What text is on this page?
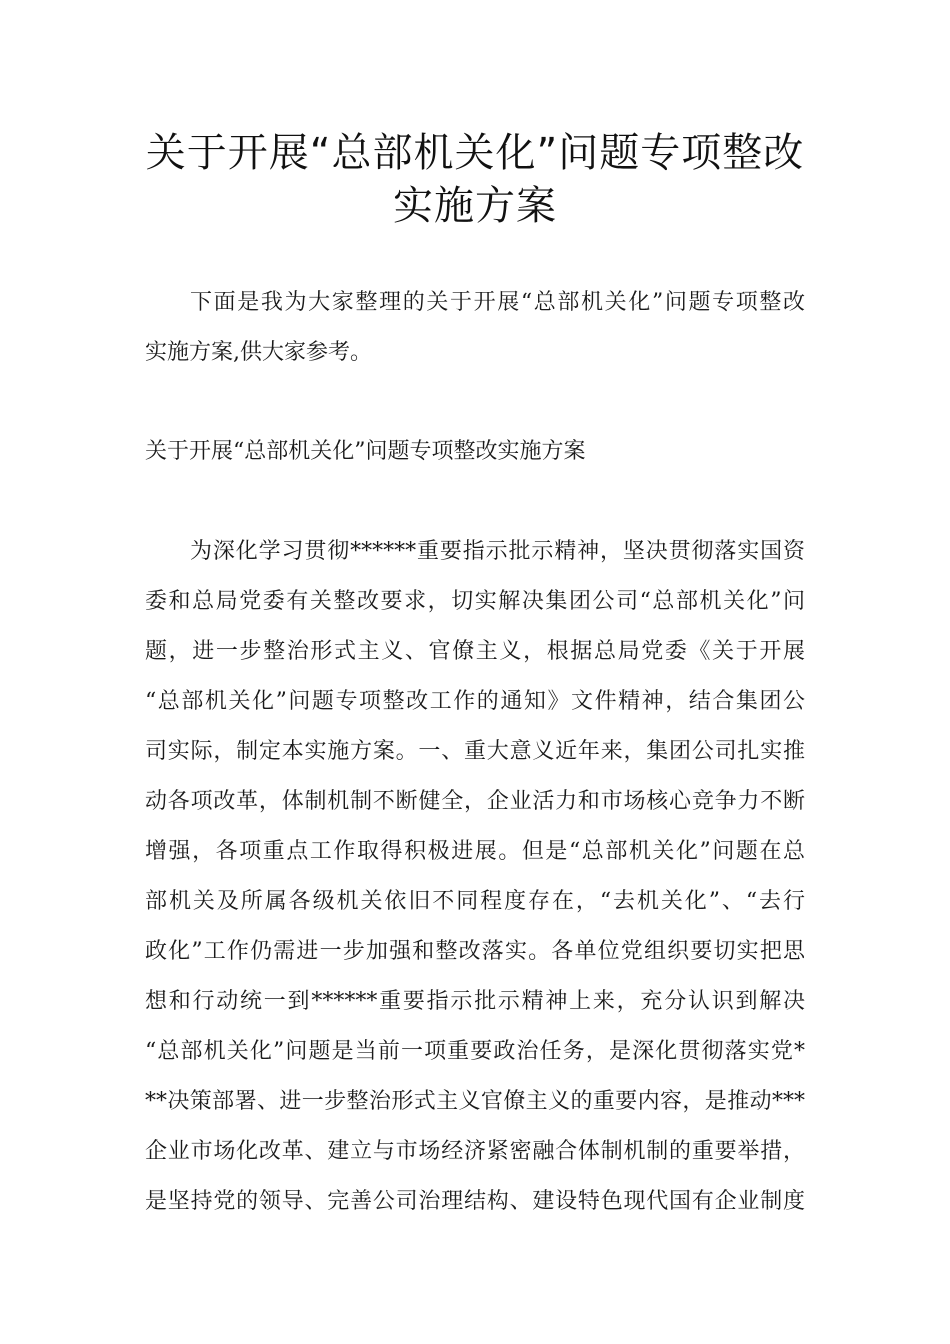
关于开展“总部机关化”问题专项整改
实施方案
下面是我为大家整理的关于开展“总部机关化”问题专项整改
实施方案,供大家参考。
关于开展“总部机关化”问题专项整改实施方案
为深化学习贯彻******重要指示批示精神，坚决贯彻落实国资
委和总局党委有关整改要求，切实解决集团公司“总部机关化”问
题，进一步整治形式主义、官僚主义，根据总局党委《关于开展
“总部机关化”问题专项整改工作的通知》文件精神，结合集团公
司实际，制定本实施方案。一、重大意义近年来，集团公司扎实推
动各项改革，体制机制不断健全，企业活力和市场核心竞争力不断
增强，各项重点工作取得积极进展。但是“总部机关化”问题在总
部机关及所属各级机关依旧不同程度存在，“去机关化”、“去行
政化”工作仍需进一步加强和整改落实。各单位党组织要切实把思
想和行动统一到******重要指示批示精神上来，充分认识到解决
“总部机关化”问题是当前一项重要政治任务，是深化贯彻落实党*
**决策部署、进一步整治形式主义官僚主义的重要内容，是推动***
企业市场化改革、建立与市场经济紧密融合体制机制的重要举措，
是坚持党的领导、完善公司治理结构、建设特色现代国有企业制度
